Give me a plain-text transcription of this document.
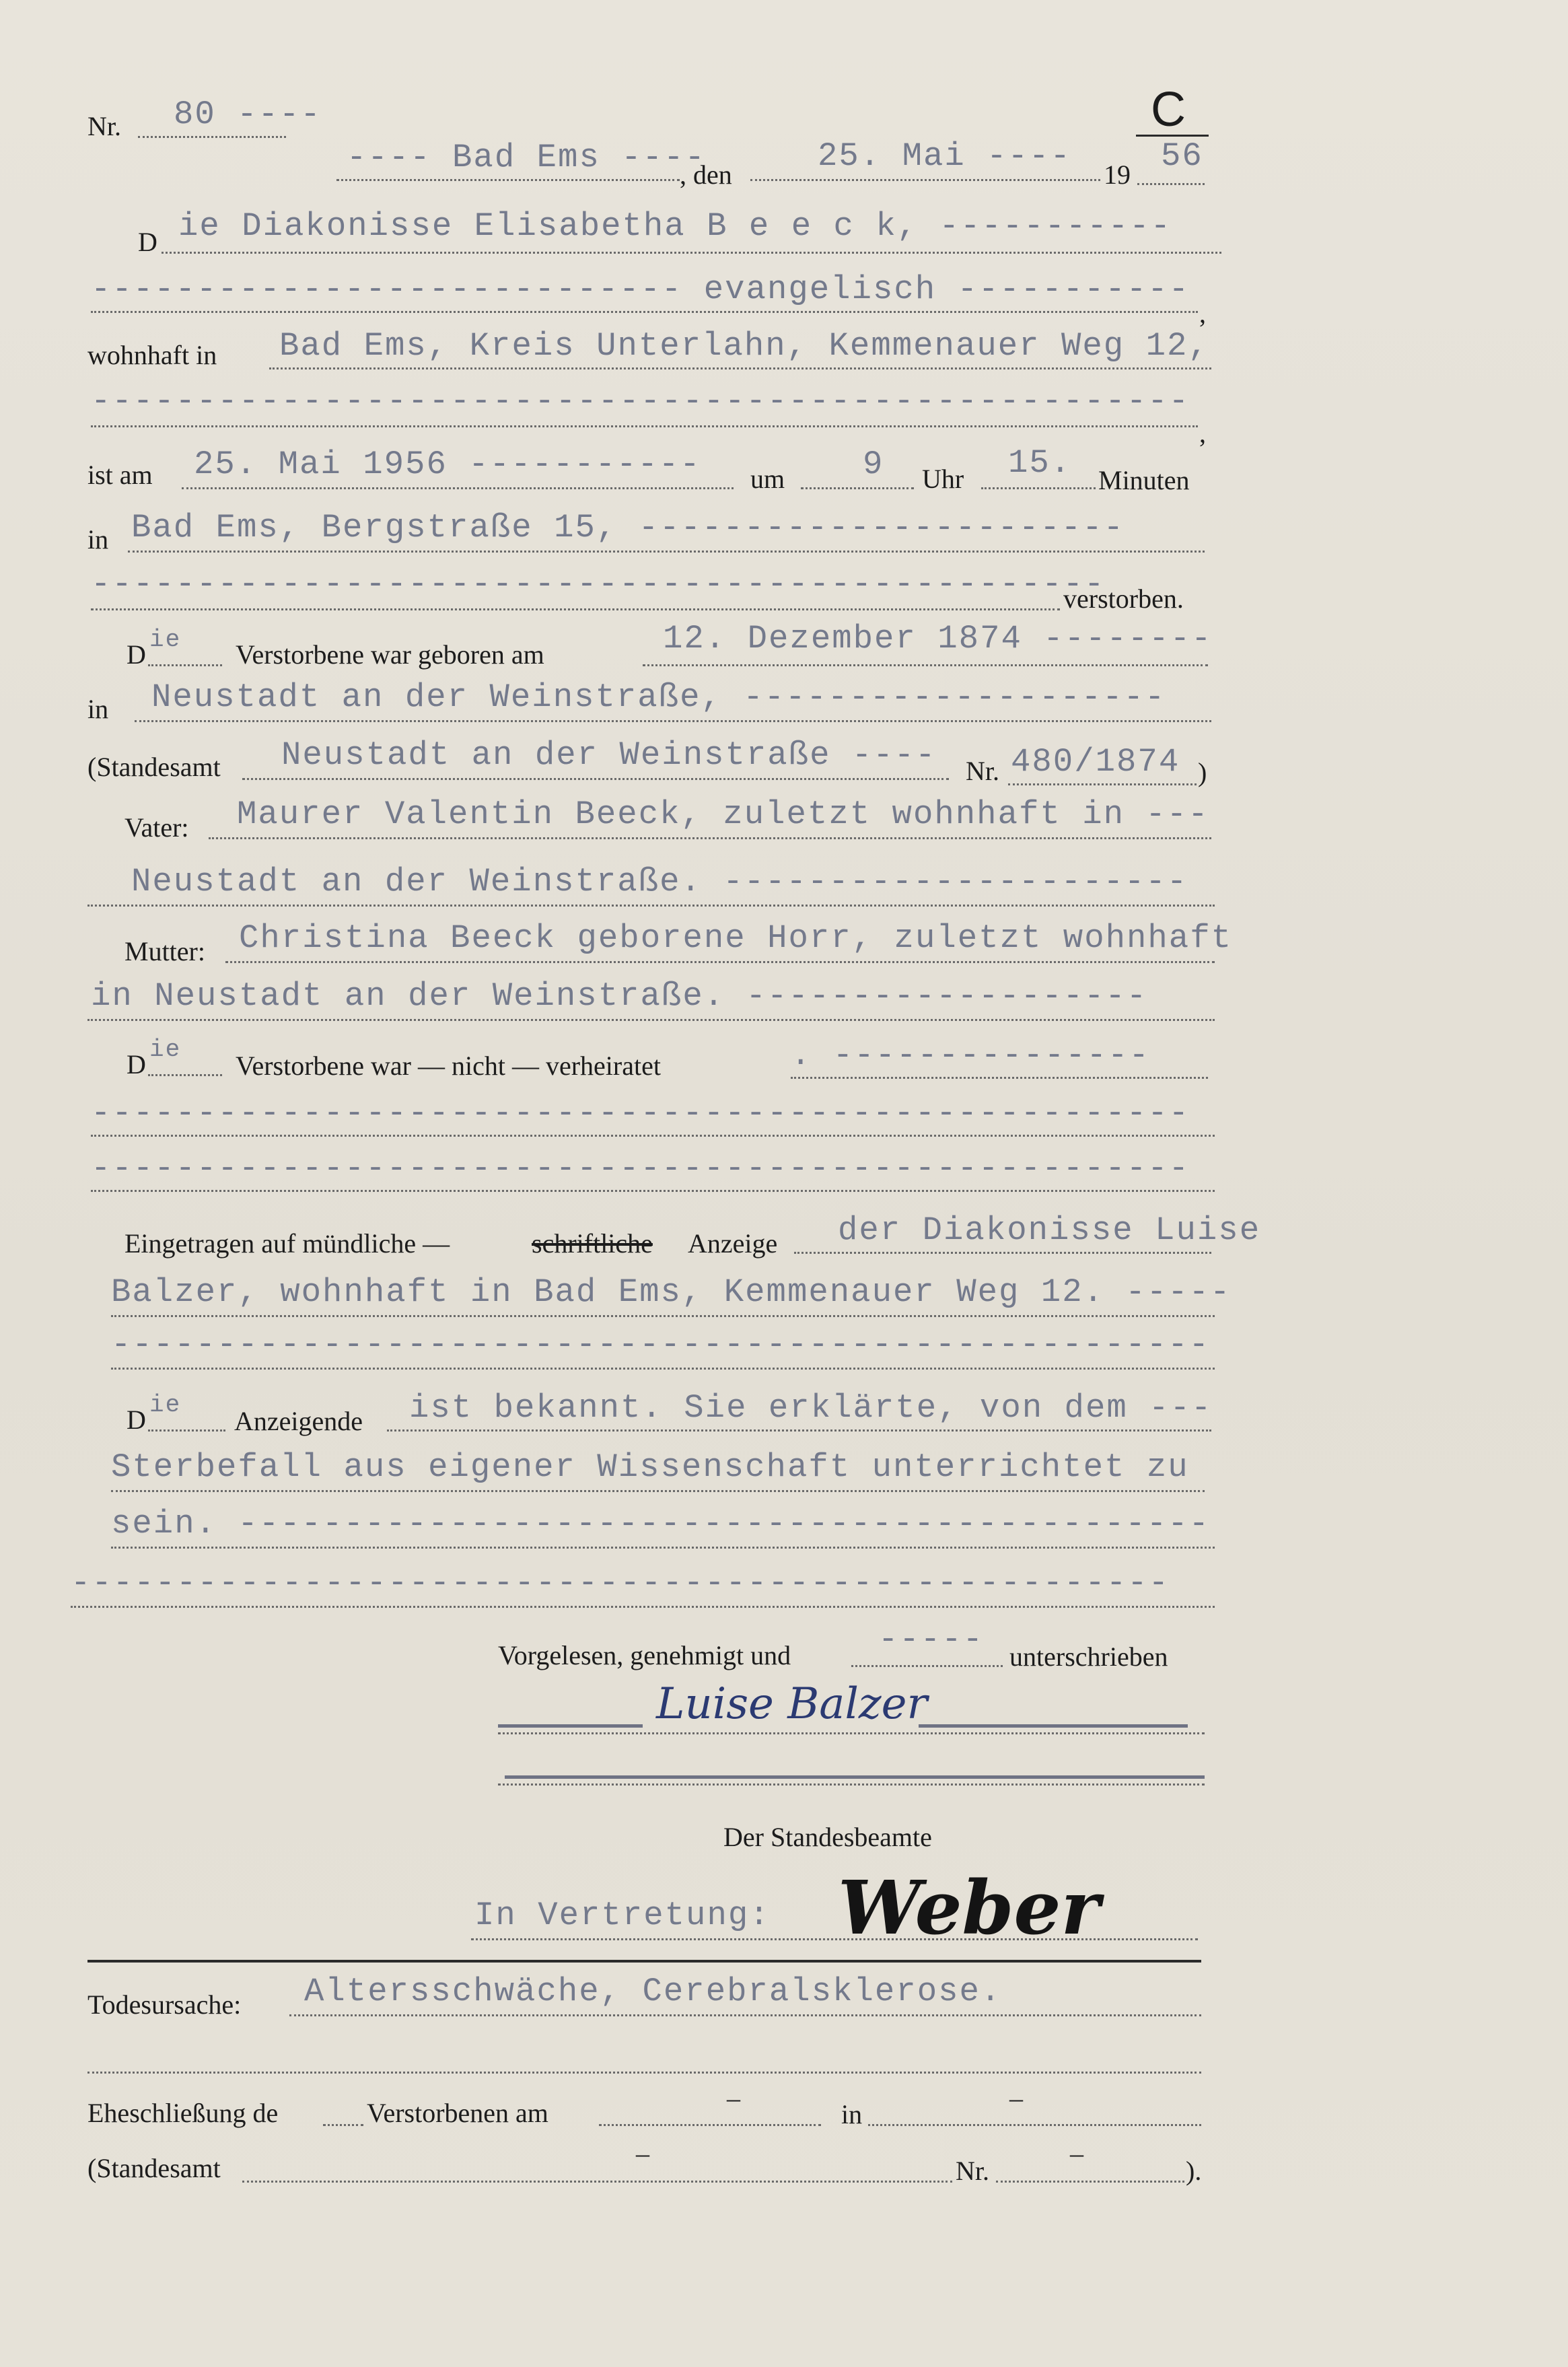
Nr. 80 ----	C
---- Bad Ems ----
, den	25. Mai ---- 19 56
D ie Diakonisse Elisabetha B e e c k, -----------
---------------------------- evangelisch -----------
,
wohnhaft in Bad Ems, Kreis Unterlahn, Kemmenauer Weg 12,
----------------------------------------------------
,
ist am 25. Mai 1956 ----------- um 9 Uhr 15. Minuten
in Bad Ems, Bergstraße 15, -----------------------
------------------------------------------------
verstorben.
D ie Verstorbene war geboren am	12. Dezember 1874 --------
in Neustadt an der Weinstraße, --------------------
(Standesamt Neustadt an der Weinstraße ---- Nr. 480/1874 )
Vater: Maurer Valentin Beeck, zuletzt wohnhaft in ---
Neustadt an der Weinstraße. ----------------------
Mutter: Christina Beeck geborene Horr, zuletzt wohnhaft
in Neustadt an der Weinstraße. -------------------
D ie
Verstorbene war — nicht — verheiratet	. ---------------
----------------------------------------------------
----------------------------------------------------
Eingetragen auf mündliche —	schriftliche Anzeige der Diakonisse Luise
Balzer, wohnhaft in Bad Ems, Kemmenauer Weg 12. -----
----------------------------------------------------
D ie
Anzeigende ist bekannt. Sie erklärte, von dem ---
Sterbefall aus eigener Wissenschaft unterrichtet zu
sein. ----------------------------------------------
----------------------------------------------------
Vorgelesen, genehmigt und	----- unterschrieben
Luise Balzer
Der Standesbeamte
In Vertretung: Weber
Todesursache: Altersschwäche, Cerebralsklerose.
Eheschließung de	Verstorbenen am	–
in
–
(Standesamt	–
Nr.
–
).
